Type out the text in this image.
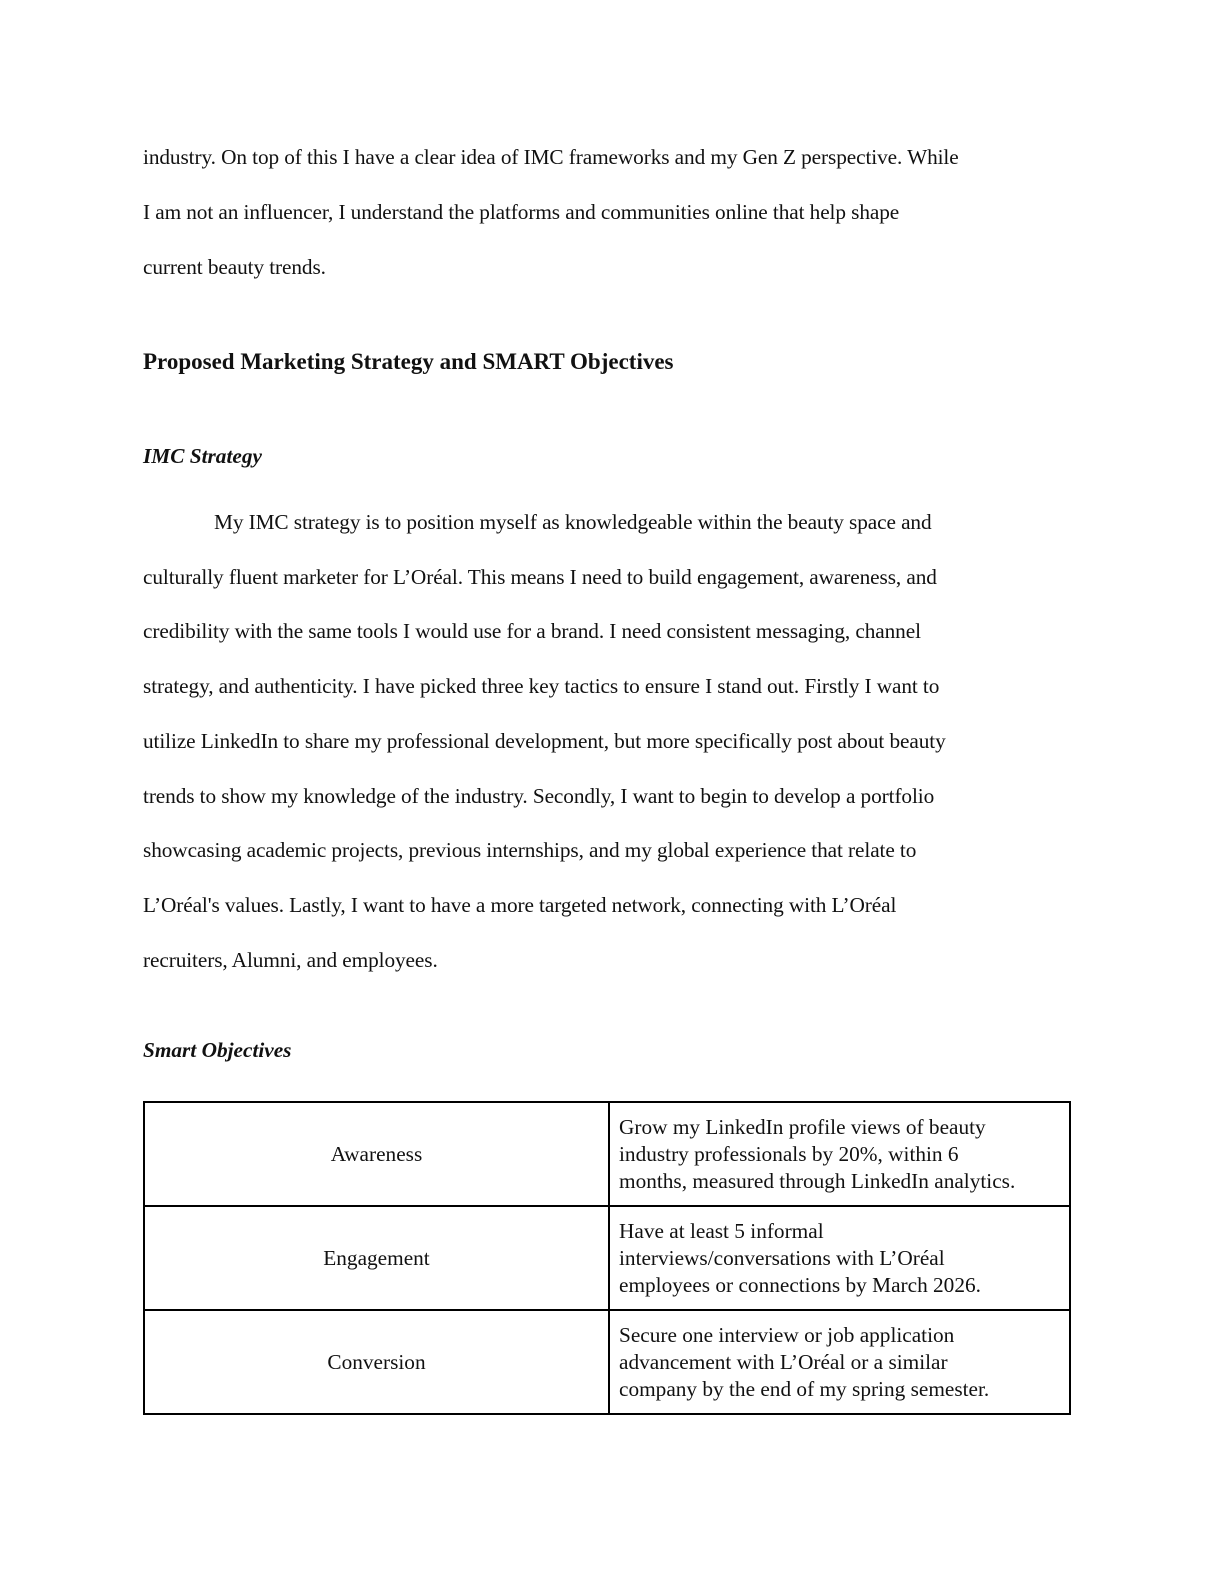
industry. On top of this I have a clear idea of IMC frameworks and my Gen Z perspective. While
I am not an influencer, I understand the platforms and communities online that help shape
current beauty trends.
Proposed Marketing Strategy and SMART Objectives
IMC Strategy
My IMC strategy is to position myself as knowledgeable within the beauty space and
culturally fluent marketer for L’Oréal. This means I need to build engagement, awareness, and
credibility with the same tools I would use for a brand. I need consistent messaging, channel
strategy, and authenticity. I have picked three key tactics to ensure I stand out. Firstly I want to
utilize LinkedIn to share my professional development, but more specifically post about beauty
trends to show my knowledge of the industry. Secondly, I want to begin to develop a portfolio
showcasing academic projects, previous internships, and my global experience that relate to
L’Oréal's values. Lastly, I want to have a more targeted network, connecting with L’Oréal
recruiters, Alumni, and employees.
Smart Objectives
Awareness	Grow my LinkedIn profile views of beauty
industry professionals by 20%, within 6
months, measured through LinkedIn analytics.

Engagement	Have at least 5 informal
interviews/conversations with L’Oréal
employees or connections by March 2026.

Conversion	Secure one interview or job application
advancement with L’Oréal or a similar
company by the end of my spring semester.
